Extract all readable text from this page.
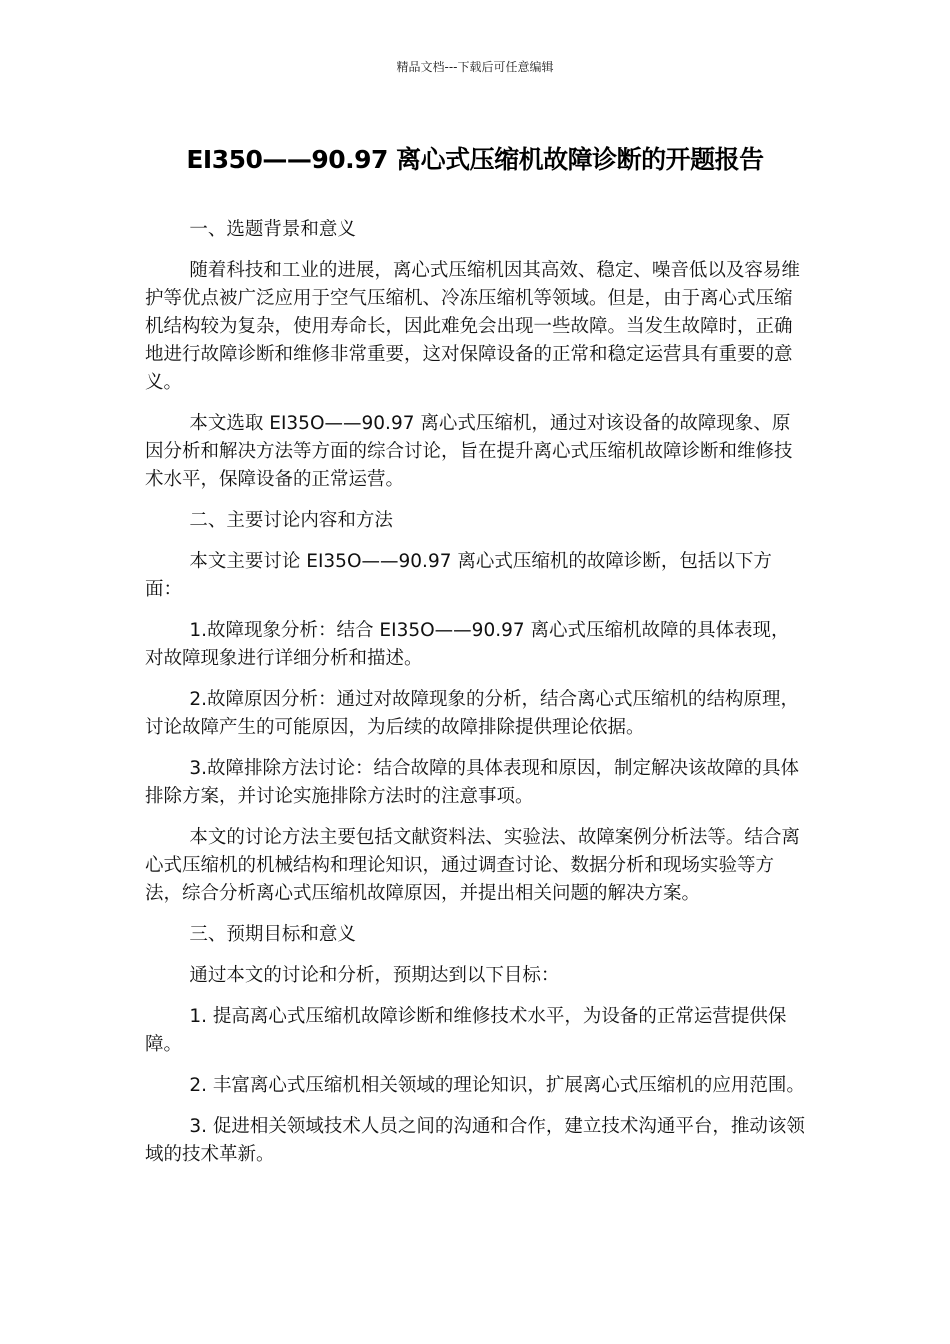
精品文档---下载后可任意编辑
EI350——90.97 离心式压缩机故障诊断的开题报告

一、选题背景和意义

随着科技和工业的进展，离心式压缩机因其高效、稳定、噪音低以及容易维护等优点被广泛应用于空气压缩机、冷冻压缩机等领域。但是，由于离心式压缩机结构较为复杂，使用寿命长，因此难免会出现一些故障。当发生故障时，正确地进行故障诊断和维修非常重要，这对保障设备的正常和稳定运营具有重要的意义。

本文选取 EI35O——90.97 离心式压缩机，通过对该设备的故障现象、原因分析和解决方法等方面的综合讨论，旨在提升离心式压缩机故障诊断和维修技术水平，保障设备的正常运营。

二、主要讨论内容和方法

本文主要讨论 EI35O——90.97 离心式压缩机的故障诊断，包括以下方面：

1.故障现象分析：结合 EI35O——90.97 离心式压缩机故障的具体表现，对故障现象进行详细分析和描述。

2.故障原因分析：通过对故障现象的分析，结合离心式压缩机的结构原理，讨论故障产生的可能原因，为后续的故障排除提供理论依据。

3.故障排除方法讨论：结合故障的具体表现和原因，制定解决该故障的具体排除方案，并讨论实施排除方法时的注意事项。

本文的讨论方法主要包括文献资料法、实验法、故障案例分析法等。结合离心式压缩机的机械结构和理论知识，通过调查讨论、数据分析和现场实验等方法，综合分析离心式压缩机故障原因，并提出相关问题的解决方案。

三、预期目标和意义

通过本文的讨论和分析，预期达到以下目标：

1. 提高离心式压缩机故障诊断和维修技术水平，为设备的正常运营提供保障。

2. 丰富离心式压缩机相关领域的理论知识，扩展离心式压缩机的应用范围。

3. 促进相关领域技术人员之间的沟通和合作，建立技术沟通平台，推动该领域的技术革新。
